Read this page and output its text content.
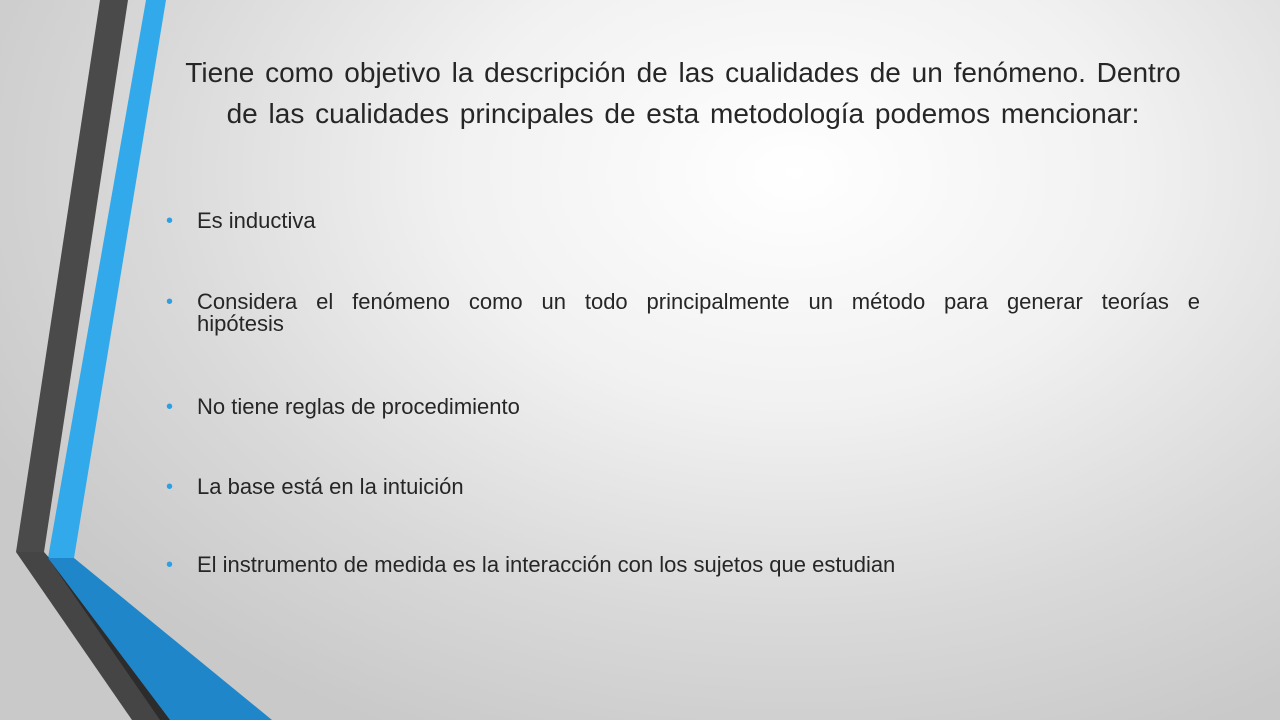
Tiene como objetivo la descripción de las cualidades de un fenómeno. Dentro de las cualidades principales de esta metodología podemos mencionar:
• Es inductiva
• Considera el fenómeno como un todo principalmente un método para generar teorías e hipótesis
• No tiene reglas de procedimiento
• La base está en la intuición
• El instrumento de medida es la interacción con los sujetos que estudian
